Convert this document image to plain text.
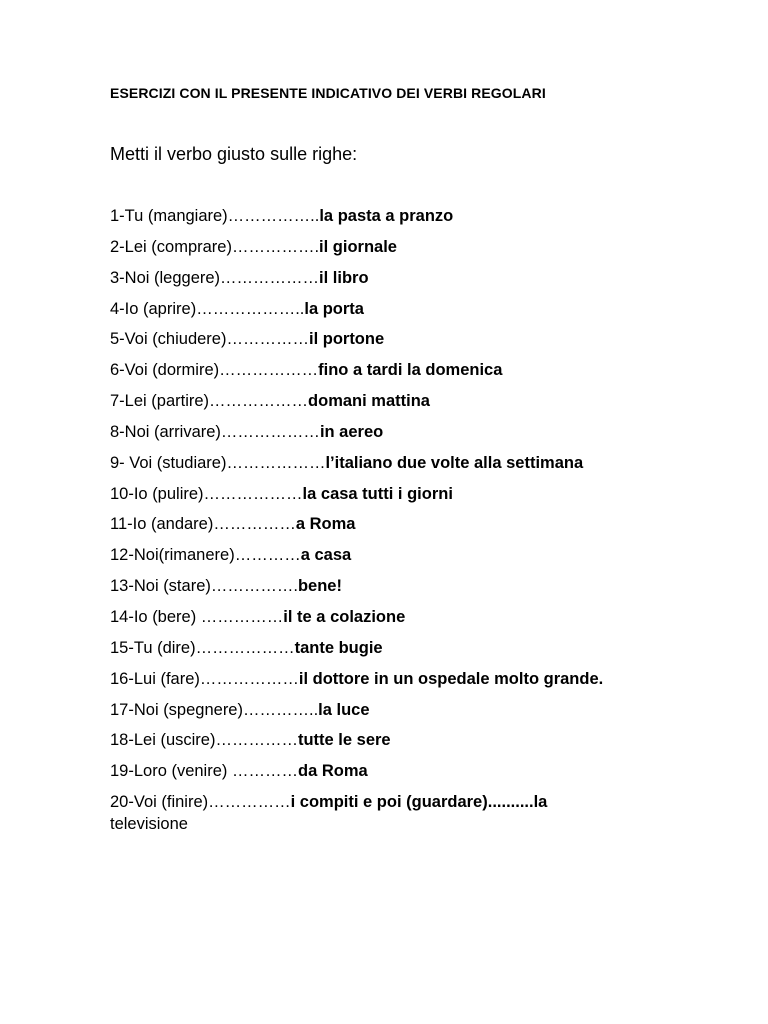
ESERCIZI CON IL PRESENTE INDICATIVO DEI VERBI REGOLARI
Metti il verbo giusto sulle righe:
1-Tu (mangiare)……………..la pasta a pranzo
2-Lei (comprare)…………….il giornale
3-Noi (leggere)………………il libro
4-Io (aprire)………………..la porta
5-Voi (chiudere)……………il portone
6-Voi (dormire)………………fino a tardi la domenica
7-Lei (partire)………………domani mattina
8-Noi (arrivare)………………in aereo
9- Voi (studiare)………………l’italiano due volte alla settimana
10-Io (pulire)………………la casa tutti i giorni
11-Io (andare)……………a Roma
12-Noi(rimanere)…………a casa
13-Noi (stare)…………….bene!
14-Io (bere) ……………il te a colazione
15-Tu (dire)………………tante bugie
16-Lui (fare)………………il dottore in un ospedale molto grande.
17-Noi (spegnere)…………..la luce
18-Lei (uscire)……………tutte le sere
19-Loro (venire) …………da Roma
20-Voi (finire)……………i compiti e poi (guardare)..........la
televisione
